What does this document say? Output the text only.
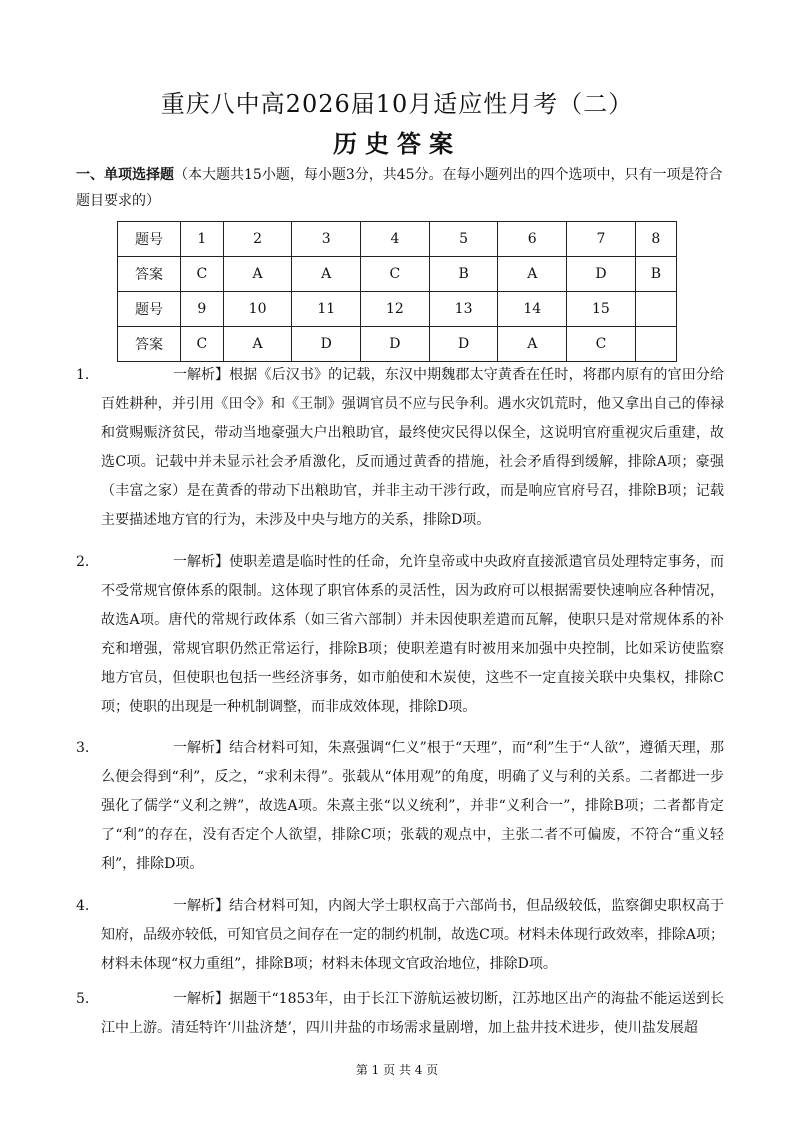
重庆八中高2026届10月适应性月考（二）
历史答案
一、单项选择题（本大题共15小题，每小题3分，共45分。在每小题列出的四个选项中，只有一项是符合题目要求的）
题号	1	2	3	4	5	6	7	8
答案	C	A	A	C	B	A	D	B
题号	9	10	11	12	13	14	15	
答案	C	A	D	D	D	A	C	
1.	一解析】根据《后汉书》的记载，东汉中期魏郡太守黄香在任时，将郡内原有的官田分给百姓耕种，并引用《田令》和《王制》强调官员不应与民争利。遇水灾饥荒时，他又拿出自己的俸禄和赏赐赈济贫民，带动当地豪强大户出粮助官，最终使灾民得以保全，这说明官府重视灾后重建，故选C项。记载中并未显示社会矛盾激化，反而通过黄香的措施，社会矛盾得到缓解，排除A项；豪强（丰富之家）是在黄香的带动下出粮助官，并非主动干涉行政，而是响应官府号召，排除B项；记载主要描述地方官的行为，未涉及中央与地方的关系，排除D项。
2.	一解析】使职差遣是临时性的任命，允许皇帝或中央政府直接派遣官员处理特定事务，而不受常规官僚体系的限制。这体现了职官体系的灵活性，因为政府可以根据需要快速响应各种情况，故选A项。唐代的常规行政体系（如三省六部制）并未因使职差遣而瓦解，使职只是对常规体系的补充和增强，常规官职仍然正常运行，排除B项；使职差遣有时被用来加强中央控制，比如采访使监察地方官员，但使职也包括一些经济事务，如市舶使和木炭使，这些不一定直接关联中央集权，排除C项；使职的出现是一种机制调整，而非成效体现，排除D项。
3.	一解析】结合材料可知，朱熹强调“仁义”根于“天理”，而“利”生于“人欲”，遵循天理，那么便会得到“利”，反之，“求利未得”。张载从“体用观”的角度，明确了义与利的关系。二者都进一步强化了儒学“义利之辨”，故选A项。朱熹主张“以义统利”，并非“义利合一”，排除B项；二者都肯定了“利”的存在，没有否定个人欲望，排除C项；张载的观点中，主张二者不可偏废，不符合“重义轻利”，排除D项。
4.	一解析】结合材料可知，内阁大学士职权高于六部尚书，但品级较低，监察御史职权高于知府，品级亦较低，可知官员之间存在一定的制约机制，故选C项。材料未体现行政效率，排除A项；材料未体现“权力重组”，排除B项；材料未体现文官政治地位，排除D项。
5.	一解析】据题干“1853年，由于长江下游航运被切断，江苏地区出产的海盐不能运送到长江中上游。清廷特许‘川盐济楚’，四川井盐的市场需求量剧增，加上盐井技术进步，使川盐发展超
第 1 页 共 4 页
